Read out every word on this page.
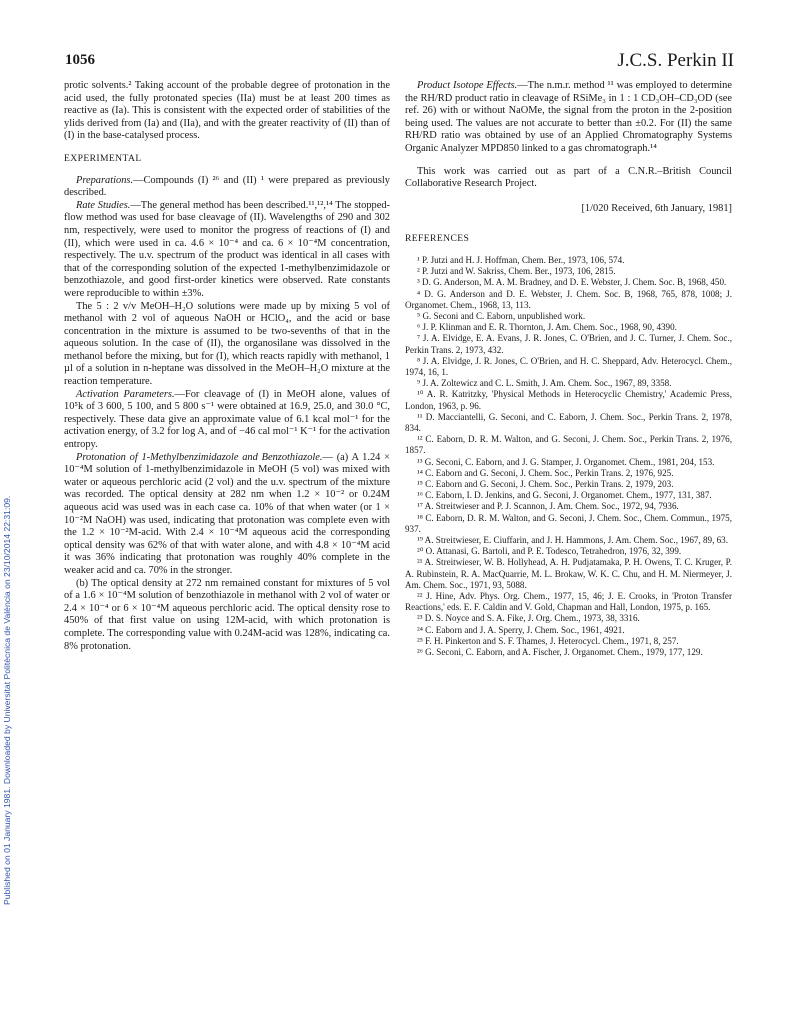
1056	J.C.S. Perkin II
Published on 01 January 1981. Downloaded by Universitat Politècnica de València on 23/10/2014 22:31:09.

protic solvents.² Taking account of the probable degree of protonation in the acid used, the fully protonated species (IIa) must be at least 200 times as reactive as (Ia). This is consistent with the expected order of stabilities of the ylids derived from (Ia) and (IIa), and with the greater reactivity of (II) than of (I) in the base-catalysed process.

EXPERIMENTAL

Preparations.—Compounds (I) ²⁶ and (II) ¹ were prepared as previously described.

Rate Studies.—The general method has been described.¹¹,¹²,¹⁴ The stopped-flow method was used for base cleavage of (II). Wavelengths of 290 and 302 nm, respectively, were used to monitor the progress of reactions of (I) and (II), which were used in ca. 4.6 × 10⁻⁴ and ca. 6 × 10⁻⁴M concentration, respectively. The u.v. spectrum of the product was identical in all cases with that of the corresponding solution of the expected 1-methylbenzimidazole or benzothiazole, and good first-order kinetics were observed. Rate constants were reproducible to within ±3%.

The 5 : 2 v/v MeOH–H₂O solutions were made up by mixing 5 vol of methanol with 2 vol of aqueous NaOH or HClO₄, and the acid or base concentration in the mixture is assumed to be two-sevenths of that in the aqueous solution. In the case of (II), the organosilane was dissolved in the methanol before the mixing, but for (I), which reacts rapidly with methanol, 1 µl of a solution in n-heptane was dissolved in the MeOH–H₂O mixture at the reaction temperature.

Activation Parameters.—For cleavage of (I) in MeOH alone, values of 10⁵k of 3 600, 5 100, and 5 800 s⁻¹ were obtained at 16.9, 25.0, and 30.0 °C, respectively. These data give an approximate value of 6.1 kcal mol⁻¹ for the activation energy, of 3.2 for log A, and of −46 cal mol⁻¹ K⁻¹ for the activation entropy.

Protonation of 1-Methylbenzimidazole and Benzothiazole.— (a) A 1.24 × 10⁻⁴M solution of 1-methylbenzimidazole in MeOH (5 vol) was mixed with water or aqueous perchloric acid (2 vol) and the u.v. spectrum of the mixture was recorded. The optical density at 282 nm when 1.2 × 10⁻² or 0.24M aqueous acid was used was in each case ca. 10% of that when water (or 1 × 10⁻²M NaOH) was used, indicating that protonation was complete even with the 1.2 × 10⁻²M-acid. With 2.4 × 10⁻⁴M aqueous acid the corresponding optical density was 62% of that with water alone, and with 4.8 × 10⁻⁴M acid it was 36% indicating that protonation was roughly 40% complete in the weaker acid and ca. 70% in the stronger.

(b) The optical density at 272 nm remained constant for mixtures of 5 vol of a 1.6 × 10⁻⁴M solution of benzothiazole in methanol with 2 vol of water or 2.4 × 10⁻⁴ or 6 × 10⁻⁴M aqueous perchloric acid. The optical density rose to 450% of that first value on using 12M-acid, with which protonation is complete. The corresponding value with 0.24M-acid was 128%, indicating ca. 8% protonation.

Product Isotope Effects.—The n.m.r. method ¹¹ was employed to determine the RH/RD product ratio in cleavage of RSiMe₃ in 1 : 1 CD₃OH–CD₃OD (see ref. 26) with or without NaOMe, the signal from the proton in the 2-position being used. The values are not accurate to better than ±0.2. For (II) the same RH/RD ratio was obtained by use of an Applied Chromatography Systems Organic Analyzer MPD850 linked to a gas chromatograph.¹⁴

This work was carried out as part of a C.N.R.–British Council Collaborative Research Project.

[1/020 Received, 6th January, 1981]

REFERENCES

¹ P. Jutzi and H. J. Hoffman, Chem. Ber., 1973, 106, 574.

² P. Jutzi and W. Sakriss, Chem. Ber., 1973, 106, 2815.

³ D. G. Anderson, M. A. M. Bradney, and D. E. Webster, J. Chem. Soc. B, 1968, 450.

⁴ D. G. Anderson and D. E. Webster, J. Chem. Soc. B, 1968, 765, 878, 1008; J. Organomet. Chem., 1968, 13, 113.

⁵ G. Seconi and C. Eaborn, unpublished work.

⁶ J. P. Klinman and E. R. Thornton, J. Am. Chem. Soc., 1968, 90, 4390.

⁷ J. A. Elvidge, E. A. Evans, J. R. Jones, C. O'Brien, and J. C. Turner, J. Chem. Soc., Perkin Trans. 2, 1973, 432.

⁸ J. A. Elvidge, J. R. Jones, C. O'Brien, and H. C. Sheppard, Adv. Heterocycl. Chem., 1974, 16, 1.

⁹ J. A. Zoltewicz and C. L. Smith, J. Am. Chem. Soc., 1967, 89, 3358.

¹⁰ A. R. Katritzky, 'Physical Methods in Heterocyclic Chemistry,' Academic Press, London, 1963, p. 96.

¹¹ D. Macciantelli, G. Seconi, and C. Eaborn, J. Chem. Soc., Perkin Trans. 2, 1978, 834.

¹² C. Eaborn, D. R. M. Walton, and G. Seconi, J. Chem. Soc., Perkin Trans. 2, 1976, 1857.

¹³ G. Seconi, C. Eaborn, and J. G. Stamper, J. Organomet. Chem., 1981, 204, 153.

¹⁴ C. Eaborn and G. Seconi, J. Chem. Soc., Perkin Trans. 2, 1976, 925.

¹⁵ C. Eaborn and G. Seconi, J. Chem. Soc., Perkin Trans. 2, 1979, 203.

¹⁶ C. Eaborn, I. D. Jenkins, and G. Seconi, J. Organomet. Chem., 1977, 131, 387.

¹⁷ A. Streitwieser and P. J. Scannon, J. Am. Chem. Soc., 1972, 94, 7936.

¹⁸ C. Eaborn, D. R. M. Walton, and G. Seconi, J. Chem. Soc., Chem. Commun., 1975, 937.

¹⁹ A. Streitwieser, E. Ciuffarin, and J. H. Hammons, J. Am. Chem. Soc., 1967, 89, 63.

²⁰ O. Attanasi, G. Bartoli, and P. E. Todesco, Tetrahedron, 1976, 32, 399.

²¹ A. Streitwieser, W. B. Hollyhead, A. H. Pudjatamaka, P. H. Owens, T. C. Kruger, P. A. Rubinstein, R. A. MacQuarrie, M. L. Brokaw, W. K. C. Chu, and H. M. Niermeyer, J. Am. Chem. Soc., 1971, 93, 5088.

²² J. Hine, Adv. Phys. Org. Chem., 1977, 15, 46; J. E. Crooks, in 'Proton Transfer Reactions,' eds. E. F. Caldin and V. Gold, Chapman and Hall, London, 1975, p. 165.

²³ D. S. Noyce and S. A. Fike, J. Org. Chem., 1973, 38, 3316.

²⁴ C. Eaborn and J. A. Sperry, J. Chem. Soc., 1961, 4921.

²⁵ F. H. Pinkerton and S. F. Thames, J. Heterocycl. Chem., 1971, 8, 257.

²⁶ G. Seconi, C. Eaborn, and A. Fischer, J. Organomet. Chem., 1979, 177, 129.
